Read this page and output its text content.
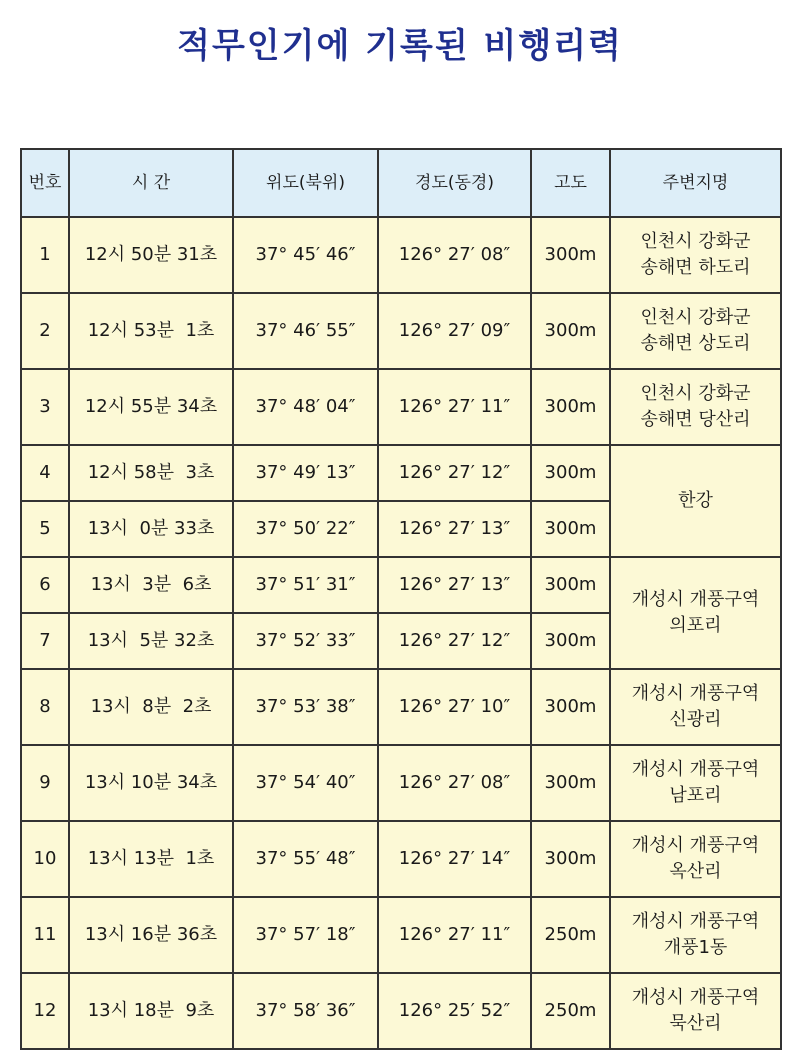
적무인기에 기록된 비행리력
번호	시 간	위도(북위)	경도(동경)	고도	주변지명
1	12시 50분 31초	37° 45′ 46″	126° 27′ 08″	300m	인천시 강화군
송해면 하도리

2	12시 53분  1초	37° 46′ 55″	126° 27′ 09″	300m	인천시 강화군
송해면 상도리

3	12시 55분 34초	37° 48′ 04″	126° 27′ 11″	300m	인천시 강화군
송해면 당산리

4	12시 58분  3초	37° 49′ 13″	126° 27′ 12″	300m	한강

5	13시  0분 33초	37° 50′ 22″	126° 27′ 13″	300m	
6	13시  3분  6초	37° 51′ 31″	126° 27′ 13″	300m	개성시 개풍구역
의포리

7	13시  5분 32초	37° 52′ 33″	126° 27′ 12″	300m	
8	13시  8분  2초	37° 53′ 38″	126° 27′ 10″	300m	개성시 개풍구역
신광리

9	13시 10분 34초	37° 54′ 40″	126° 27′ 08″	300m	개성시 개풍구역
남포리

10	13시 13분  1초	37° 55′ 48″	126° 27′ 14″	300m	개성시 개풍구역
옥산리

11	13시 16분 36초	37° 57′ 18″	126° 27′ 11″	250m	개성시 개풍구역
개풍1동

12	13시 18분  9초	37° 58′ 36″	126° 25′ 52″	250m	개성시 개풍구역
묵산리
